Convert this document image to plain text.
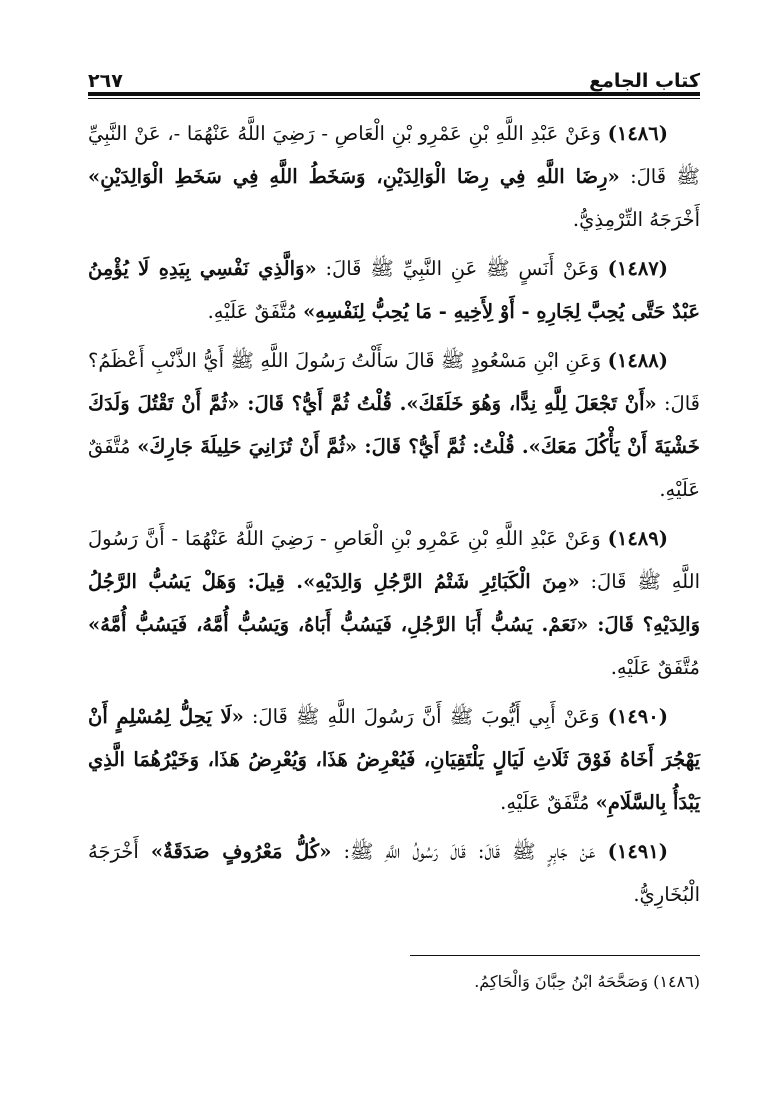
كتاب الجامع
٢٦٧

(١٤٨٦) وَعَنْ عَبْدِ اللَّهِ بْنِ عَمْرِو بْنِ الْعَاصِ - رَضِيَ اللَّهُ عَنْهُمَا -، عَنْ النَّبِيِّ ﷺ قَالَ: «رِضَا اللَّهِ فِي رِضَا الْوَالِدَيْنِ، وَسَخَطُ اللَّهِ فِي سَخَطِ الْوَالِدَيْنِ» أَخْرَجَهُ التِّرْمِذِيُّ.

(١٤٨٧) وَعَنْ أَنَسٍ ﷺ عَنِ النَّبِيِّ ﷺ قَالَ: «وَالَّذِي نَفْسِي بِيَدِهِ لَا يُؤْمِنُ عَبْدٌ حَتَّى يُحِبَّ لِجَارِهِ - أَوْ لِأَخِيهِ - مَا يُحِبُّ لِنَفْسِهِ» مُتَّفَقٌ عَلَيْهِ.

(١٤٨٨) وَعَنِ ابْنِ مَسْعُودٍ ﷺ قَالَ سَأَلْتُ رَسُولَ اللَّهِ ﷺ أَيُّ الذَّنْبِ أَعْظَمُ؟ قَالَ: «أَنْ تَجْعَلَ لِلَّهِ نِدًّا، وَهُوَ خَلَقَكَ». قُلْتُ ثُمَّ أَيُّ؟ قَالَ: «ثُمَّ أَنْ تَقْتُلَ وَلَدَكَ خَشْيَةَ أَنْ يَأْكُلَ مَعَكَ». قُلْتُ: ثُمَّ أَيُّ؟ قَالَ: «ثُمَّ أَنْ تُزَانِيَ حَلِيلَةَ جَارِكَ» مُتَّفَقٌ عَلَيْهِ.

(١٤٨٩) وَعَنْ عَبْدِ اللَّهِ بْنِ عَمْرِو بْنِ الْعَاصِ - رَضِيَ اللَّهُ عَنْهُمَا - أَنَّ رَسُولَ اللَّهِ ﷺ قَالَ: «مِنَ الْكَبَائِرِ شَتْمُ الرَّجُلِ وَالِدَيْهِ». قِيلَ: وَهَلْ يَسُبُّ الرَّجُلُ وَالِدَيْهِ؟ قَالَ: «نَعَمْ. يَسُبُّ أَبَا الرَّجُلِ، فَيَسُبُّ أَبَاهُ، وَيَسُبُّ أُمَّهُ، فَيَسُبُّ أُمَّهُ» مُتَّفَقٌ عَلَيْهِ.

(١٤٩٠) وَعَنْ أَبِي أَيُّوبَ ﷺ أَنَّ رَسُولَ اللَّهِ ﷺ قَالَ: «لَا يَحِلُّ لِمُسْلِمٍ أَنْ يَهْجُرَ أَخَاهُ فَوْقَ ثَلَاثِ لَيَالٍ يَلْتَقِيَانِ، فَيُعْرِضُ هَذَا، وَيُعْرِضُ هَذَا، وَخَيْرُهُمَا الَّذِي يَبْدَأُ بِالسَّلَامِ» مُتَّفَقٌ عَلَيْهِ.

(١٤٩١) عَنْ جَابِرٍ ﷺ قَالَ: قَالَ رَسُولُ اللَّهِ ﷺ: «كُلُّ مَعْرُوفٍ صَدَقَةٌ» أَخْرَجَهُ الْبُخَارِيُّ.

(١٤٨٦) وَصَحَّحَهُ ابْنُ حِبَّانَ وَالْحَاكِمُ.
